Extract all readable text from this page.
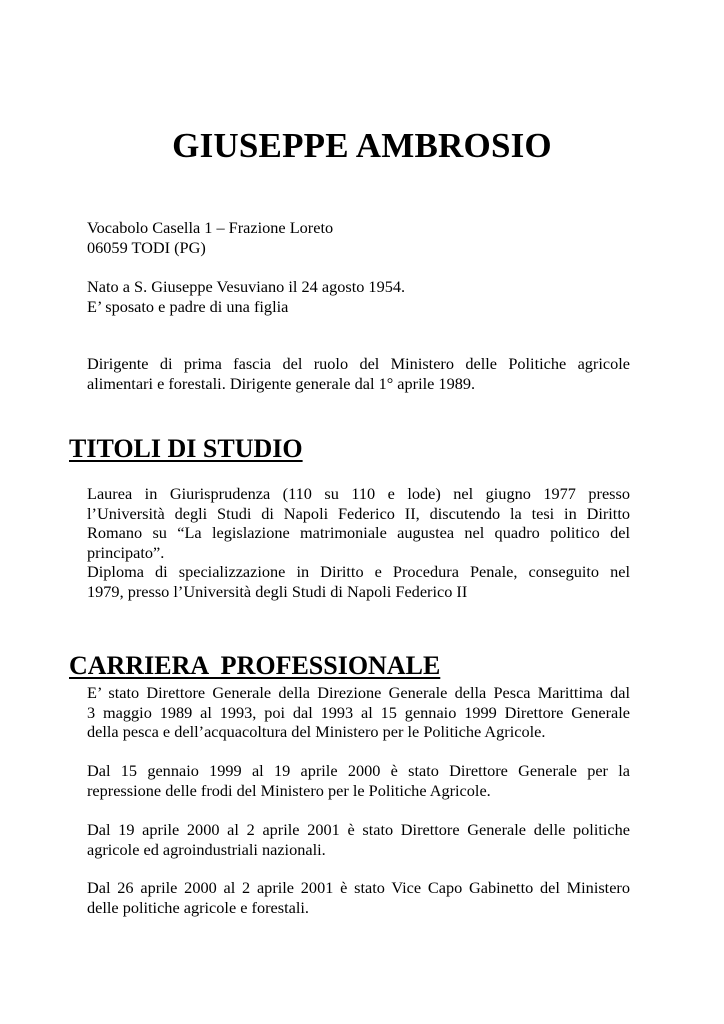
GIUSEPPE AMBROSIO
Vocabolo Casella 1 – Frazione Loreto
06059 TODI (PG)
Nato a S. Giuseppe Vesuviano il 24 agosto 1954.
E’ sposato e padre di una figlia
Dirigente di prima fascia del ruolo del Ministero delle Politiche agricole
alimentari e forestali. Dirigente generale dal 1° aprile 1989.
TITOLI DI STUDIO
Laurea in Giurisprudenza (110 su 110 e lode) nel giugno 1977 presso
l’Università degli Studi di Napoli Federico II, discutendo la tesi in Diritto
Romano su “La legislazione matrimoniale augustea nel quadro politico del
principato”.
Diploma di specializzazione in Diritto e Procedura Penale, conseguito nel
1979, presso l’Università degli Studi di Napoli Federico II
CARRIERA  PROFESSIONALE
E’ stato Direttore Generale della Direzione Generale della Pesca Marittima dal
3 maggio 1989 al 1993, poi dal 1993 al 15 gennaio 1999 Direttore Generale
della pesca e dell’acquacoltura del Ministero per le Politiche Agricole.
Dal 15 gennaio 1999 al 19 aprile 2000 è stato Direttore Generale per la
repressione delle frodi del Ministero per le Politiche Agricole.
Dal 19 aprile 2000 al 2 aprile 2001 è stato Direttore Generale delle politiche
agricole ed agroindustriali nazionali.
Dal 26 aprile 2000 al 2 aprile 2001 è stato Vice Capo Gabinetto del Ministero
delle politiche agricole e forestali.
